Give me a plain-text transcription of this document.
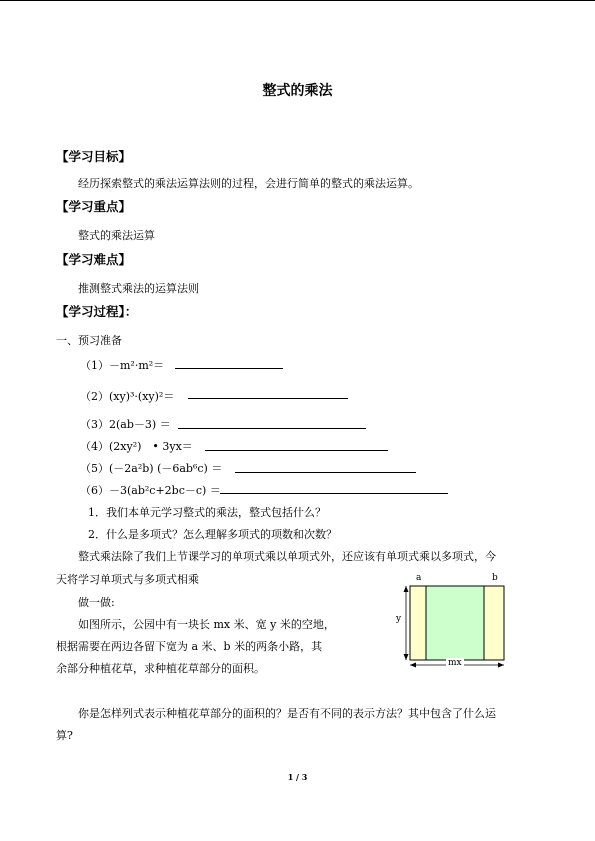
整式的乘法
【学习目标】
经历探索整式的乘法运算法则的过程，会进行简单的整式的乘法运算。
【学习重点】
整式的乘法运算
【学习难点】
推测整式乘法的运算法则
【学习过程】：
一、预习准备
（1）－m²·m²＝
（2）(xy)³·(xy)²＝
（3）2(ab－3) ＝
（4）(2xy²)　• 3yx＝
（5）(－2a²b) (－6ab⁶c) ＝
（6）－3(ab²c+2bc－c) ＝
1．我们本单元学习整式的乘法，整式包括什么？
2．什么是多项式？怎么理解多项式的项数和次数？
整式乘法除了我们上节课学习的单项式乘以单项式外，还应该有单项式乘以多项式，今
天将学习单项式与多项式相乘
做一做:
如图所示，公园中有一块长 mx 米、宽 y 米的空地，
根据需要在两边各留下宽为 a 米、b 米的两条小路，其
余部分种植花草，求种植花草部分的面积。
a	b
y
mx
你是怎样列式表示种植花草部分的面积的？是否有不同的表示方法？其中包含了什么运
算?
1 / 3
